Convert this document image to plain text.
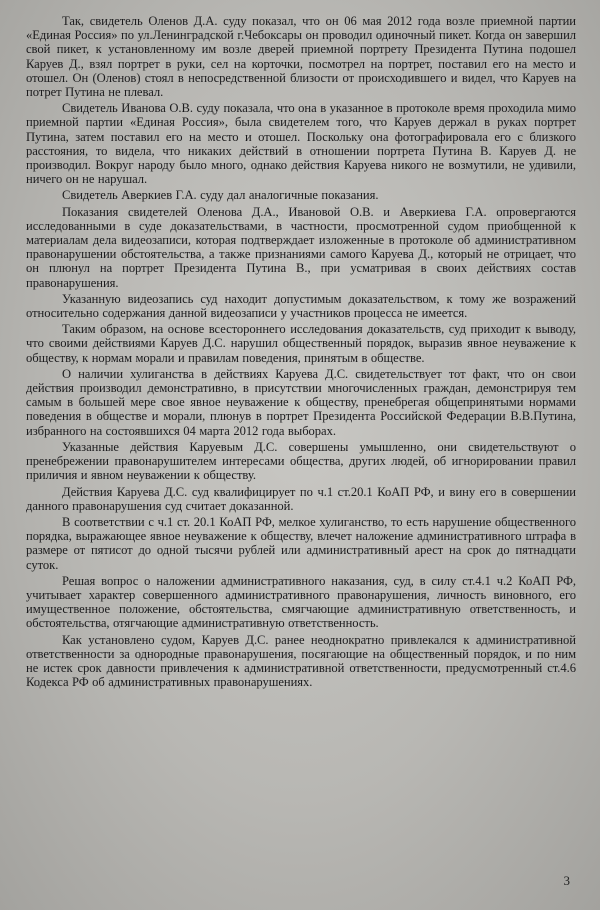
Так, свидетель Оленов Д.А. суду показал, что он 06 мая 2012 года возле приемной партии «Единая Россия» по ул.Ленинградской г.Чебоксары он проводил одиночный пикет. Когда он завершил свой пикет, к установленному им возле дверей приемной портрету Президента Путина подошел Каруев Д., взял портрет в руки, сел на корточки, посмотрел на портрет, поставил его на место и отошел. Он (Оленов) стоял в непосредственной близости от происходившего и видел, что Каруев на потрет Путина не плевал.

Свидетель Иванова О.В. суду показала, что она в указанное в протоколе время проходила мимо приемной партии «Единая Россия», была свидетелем того, что Каруев держал в руках портрет Путина, затем поставил его на место и отошел. Поскольку она фотографировала его с близкого расстояния, то видела, что никаких действий в отношении портрета Путина В. Каруев Д. не производил. Вокруг народу было много, однако действия Каруева никого не возмутили, не удивили, ничего он не нарушал.

Свидетель Аверкиев Г.А. суду дал аналогичные показания.

Показания свидетелей Оленова Д.А., Ивановой О.В. и Аверкиева Г.А. опровергаются исследованными в суде доказательствами, в частности, просмотренной судом приобщенной к материалам дела видеозаписи, которая подтверждает изложенные в протоколе об административном правонарушении обстоятельства, а также признаниями самого Каруева Д., который не отрицает, что он плюнул на портрет Президента Путина В., при усматривая в своих действиях состав правонарушения.

Указанную видеозапись суд находит допустимым доказательством, к тому же возражений относительно содержания данной видеозаписи у участников процесса не имеется.

Таким образом, на основе всестороннего исследования доказательств, суд приходит к выводу, что своими действиями Каруев Д.С. нарушил общественный порядок, выразив явное неуважение к обществу, к нормам морали и правилам поведения, принятым в обществе.

О наличии хулиганства в действиях Каруева Д.С. свидетельствует тот факт, что он свои действия производил демонстративно, в присутствии многочисленных граждан, демонстрируя тем самым в большей мере свое явное неуважение к обществу, пренебрегая общепринятыми нормами поведения в обществе и морали, плюнув в портрет Президента Российской Федерации В.В.Путина, избранного на состоявшихся 04 марта 2012 года выборах.

Указанные действия Каруевым Д.С. совершены умышленно, они свидетельствуют о пренебрежении правонарушителем интересами общества, других людей, об игнорировании правил приличия и явном неуважении к обществу.

Действия Каруева Д.С. суд квалифицирует по ч.1 ст.20.1 КоАП РФ, и вину его в совершении данного правонарушения суд считает доказанной.

В соответствии с ч.1 ст. 20.1 КоАП РФ, мелкое хулиганство, то есть нарушение общественного порядка, выражающее явное неуважение к обществу, влечет наложение административного штрафа в размере от пятисот до одной тысячи рублей или административный арест на срок до пятнадцати суток.

Решая вопрос о наложении административного наказания, суд, в силу ст.4.1 ч.2 КоАП РФ, учитывает характер совершенного административного правонарушения, личность виновного, его имущественное положение, обстоятельства, смягчающие административную ответственность, и обстоятельства, отягчающие административную ответственность.

Как установлено судом, Каруев Д.С. ранее неоднократно привлекался к административной ответственности за однородные правонарушения, посягающие на общественный порядок, и по ним не истек срок давности привлечения к административной ответственности, предусмотренный ст.4.6 Кодекса РФ об административных правонарушениях.

3
